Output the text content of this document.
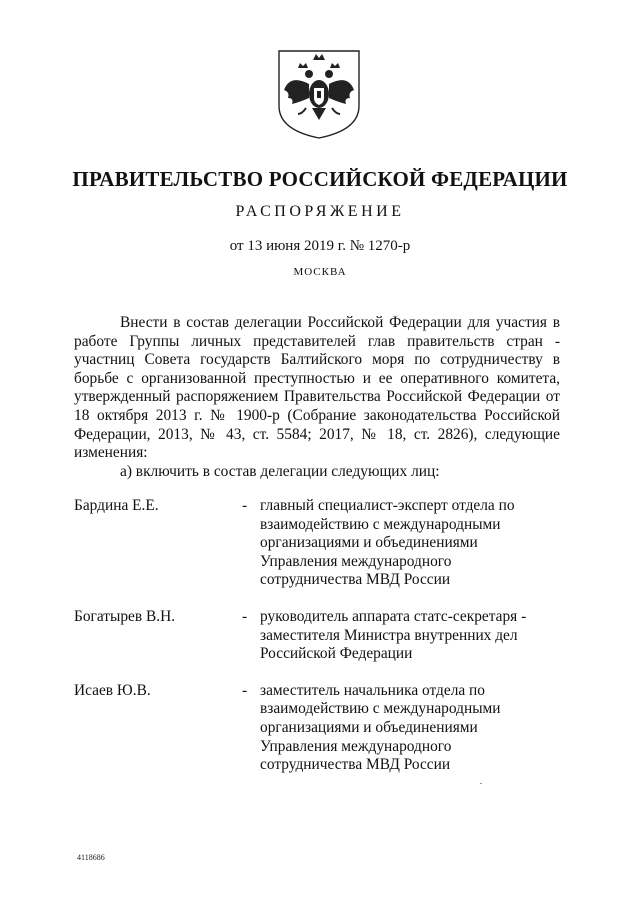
ПРАВИТЕЛЬСТВО РОССИЙСКОЙ ФЕДЕРАЦИИ
РАСПОРЯЖЕНИЕ
от 13 июня 2019 г. № 1270-р
МОСКВА

Внести в состав делегации Российской Федерации для участия в работе Группы личных представителей глав правительств стран - участниц Совета государств Балтийского моря по сотрудничеству в борьбе с организованной преступностью и ее оперативного комитета, утвержденный распоряжением Правительства Российской Федерации от 18 октября 2013 г. № 1900-р (Собрание законодательства Российской Федерации, 2013, № 43, ст. 5584; 2017, № 18, ст. 2826), следующие изменения:

а) включить в состав делегации следующих лиц:

Бардина Е.Е.	- главный специалист-эксперт отдела по взаимодействию с международными организациями и объединениями Управления международного сотрудничества МВД России
Богатырев В.Н.	- руководитель аппарата статс-секретаря - заместителя Министра внутренних дел Российской Федерации
Исаев Ю.В.	- заместитель начальника отдела по взаимодействию с международными организациями и объединениями Управления международного сотрудничества МВД России
4118686
